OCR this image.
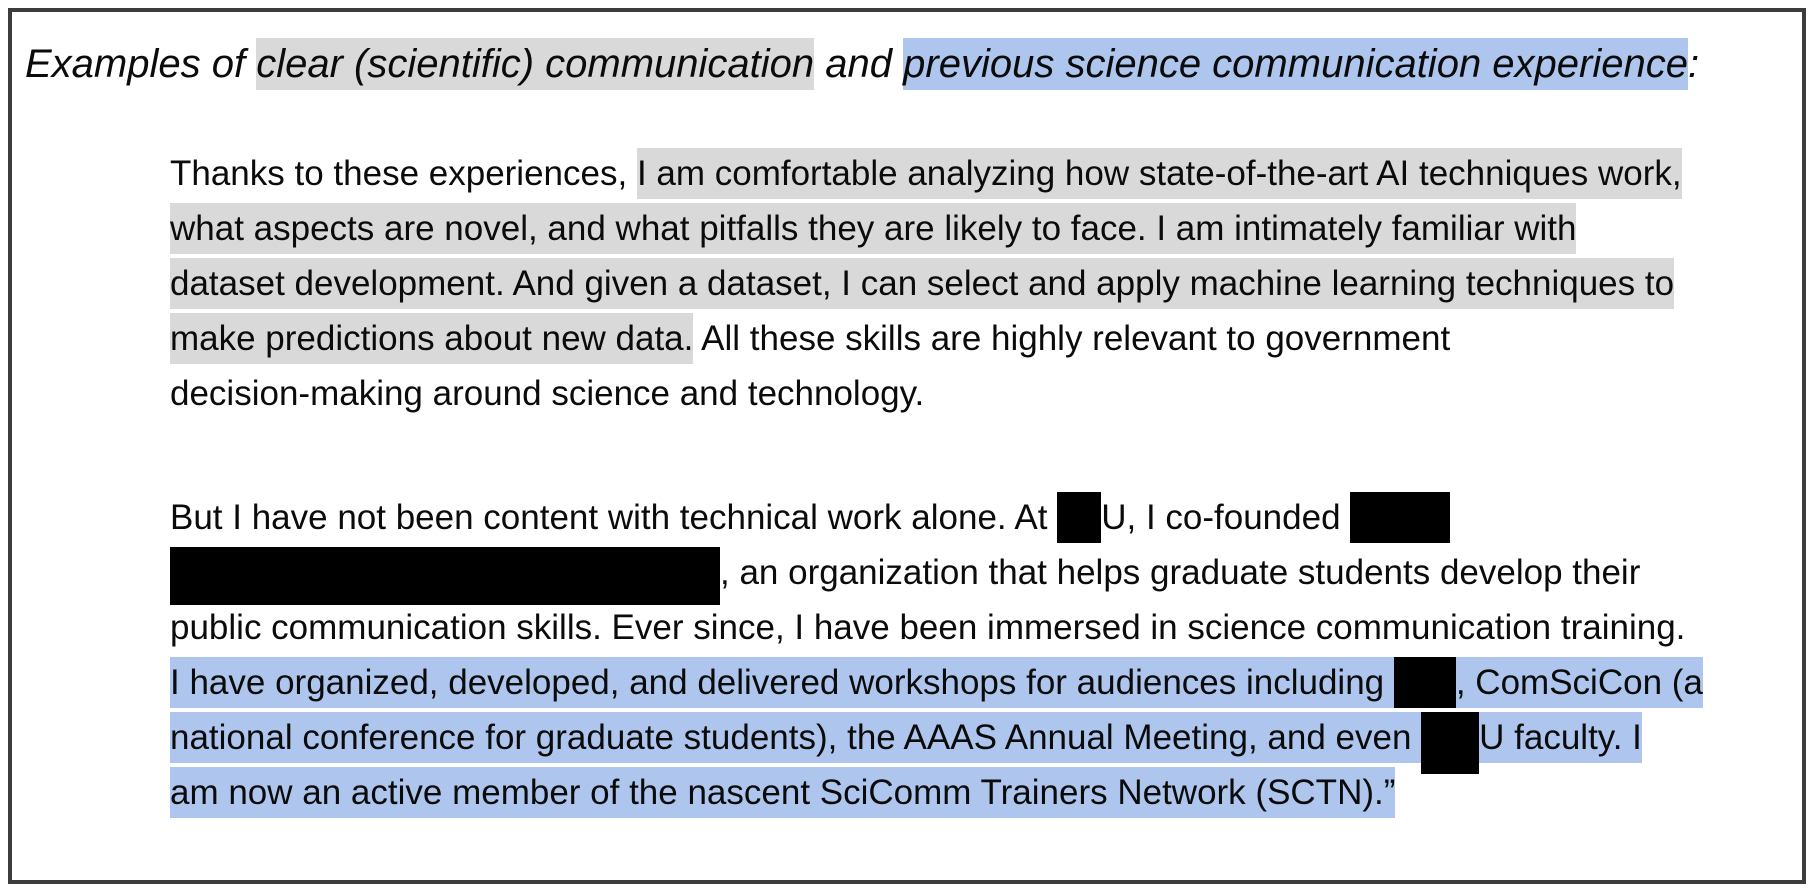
Examples of clear (scientific) communication and previous science communication experience:
Thanks to these experiences, I am comfortable analyzing how state-of-the-art AI techniques work,
what aspects are novel, and what pitfalls they are likely to face. I am intimately familiar with
dataset development. And given a dataset, I can select and apply machine learning techniques to
make predictions about new data. All these skills are highly relevant to government
decision-making around science and technology.
But I have not been content with technical work alone. At U, I co-founded
, an organization that helps graduate students develop their
public communication skills. Ever since, I have been immersed in science communication training.
I have organized, developed, and delivered workshops for audiences including , ComSciCon (a
national conference for graduate students), the AAAS Annual Meeting, and even U faculty. I
am now an active member of the nascent SciComm Trainers Network (SCTN).”
